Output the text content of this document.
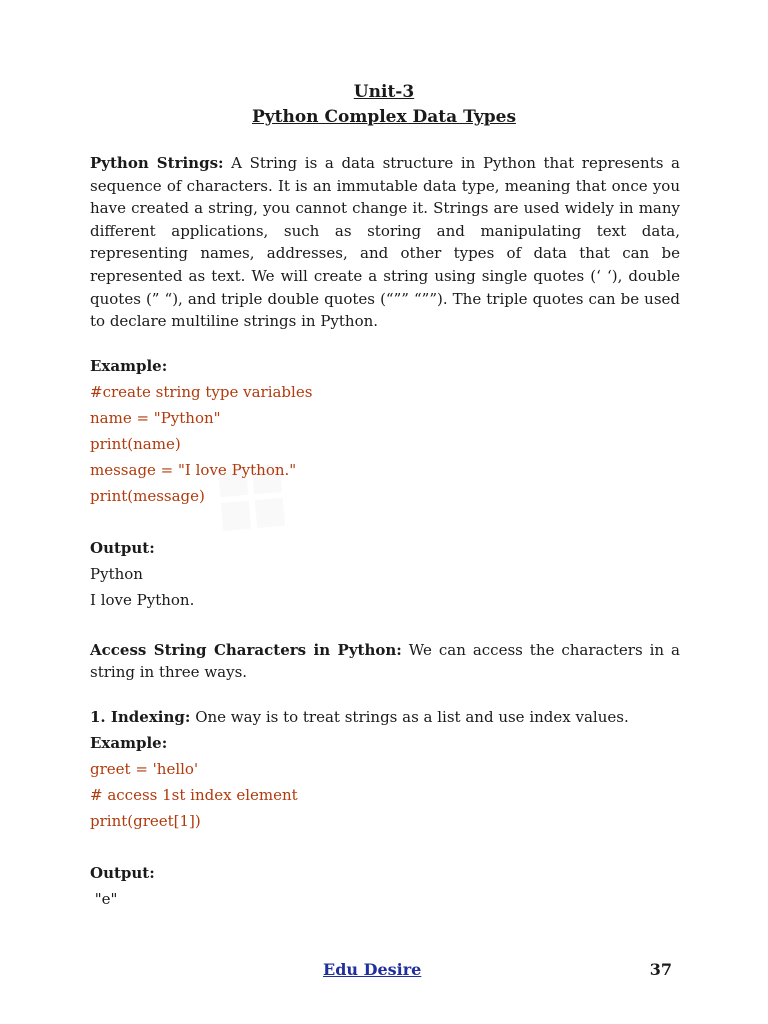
Unit-3
Python Complex Data Types

Python Strings: A String is a data structure in Python that represents a sequence of characters. It is an immutable data type, meaning that once you have created a string, you cannot change it. Strings are used widely in many different applications, such as storing and manipulating text data, representing names, addresses, and other types of data that can be represented as text. We will create a string using single quotes (‘ ‘), double quotes (” “), and triple double quotes (“”” “””). The triple quotes can be used to declare multiline strings in Python.

Example:
#create string type variables
name = "Python"
print(name)
message = "I love Python."
print(message)
Output:
Python
I love Python.

Access String Characters in Python: We can access the characters in a string in three ways.

1. Indexing: One way is to treat strings as a list and use index values.
Example:
greet = 'hello'
# access 1st index element
print(greet[1])
Output:
"e"
Edu Desire	37
